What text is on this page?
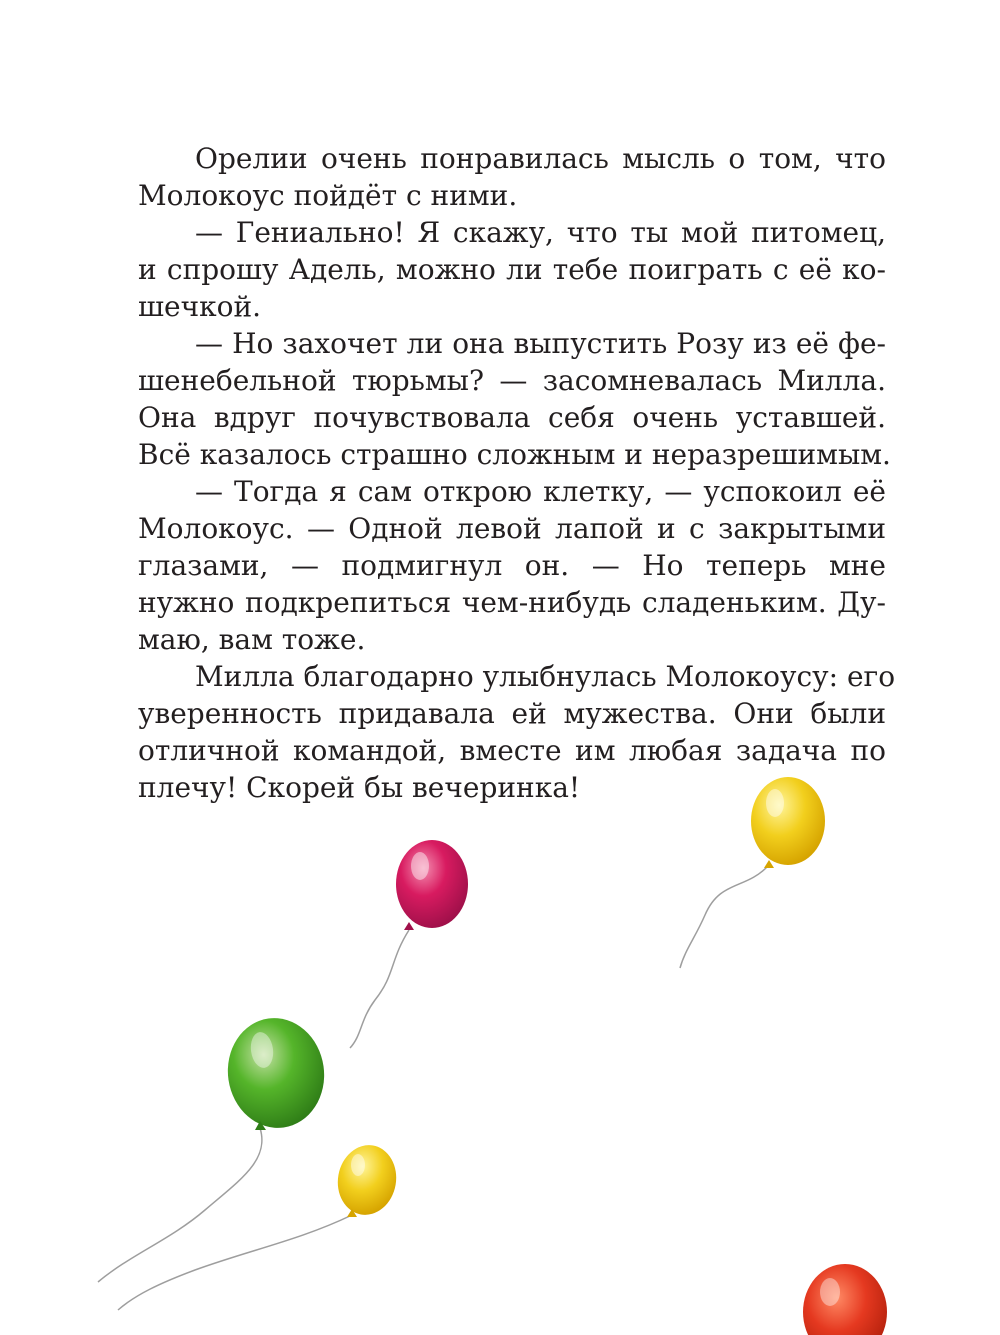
Орелии очень понравилась мысль о том, что
Молокоус пойдёт с ними.
— Гениально! Я скажу, что ты мой питомец,
и спрошу Адель, можно ли тебе поиграть с её ко-
шечкой.
— Но захочет ли она выпустить Розу из её фе-
шенебельной тюрьмы? — засомневалась Милла.
Она вдруг почувствовала себя очень уставшей.
Всё казалось страшно сложным и неразрешимым.
— Тогда я сам открою клетку, — успокоил её
Молокоус. — Одной левой лапой и с закрытыми
глазами, — подмигнул он. — Но теперь мне
нужно подкрепиться чем-нибудь сладеньким. Ду-
маю, вам тоже.
Милла благодарно улыбнулась Молокоусу: его
уверенность придавала ей мужества. Они были
отличной командой, вместе им любая задача по
плечу! Скорей бы вечеринка!
